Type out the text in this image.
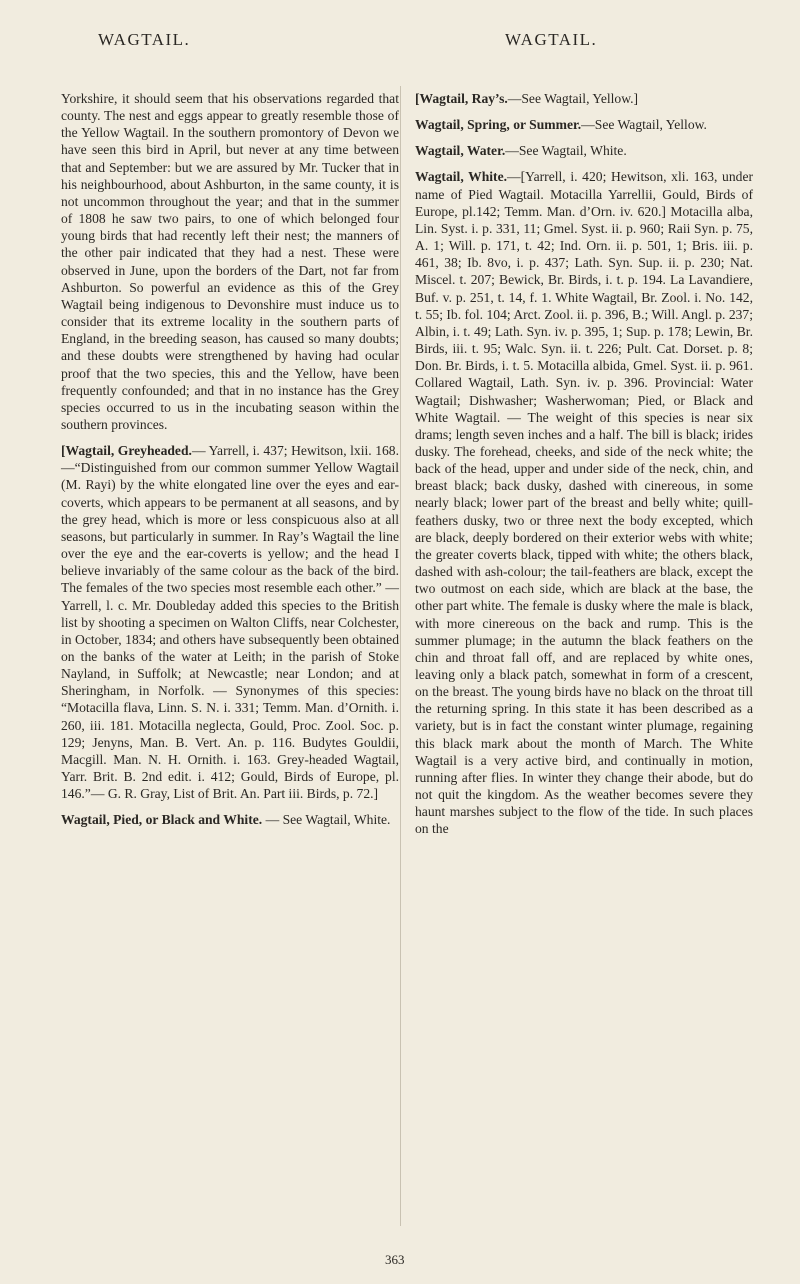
WAGTAIL.	WAGTAIL.

Yorkshire, it should seem that his observations regarded that county. The nest and eggs appear to greatly resemble those of the Yellow Wagtail. In the southern promontory of Devon we have seen this bird in April, but never at any time between that and September: but we are assured by Mr. Tucker that in his neighbourhood, about Ashburton, in the same county, it is not uncommon throughout the year; and that in the summer of 1808 he saw two pairs, to one of which belonged four young birds that had recently left their nest; the manners of the other pair indicated that they had a nest. These were observed in June, upon the borders of the Dart, not far from Ashburton. So powerful an evidence as this of the Grey Wagtail being indigenous to Devonshire must induce us to consider that its extreme locality in the southern parts of England, in the breeding season, has caused so many doubts; and these doubts were strengthened by having had ocular proof that the two species, this and the Yellow, have been frequently confounded; and that in no instance has the Grey species occurred to us in the incubating season within the southern provinces.

[Wagtail, Greyheaded.— Yarrell, i. 437; Hewitson, lxii. 168.—“Distinguished from our common summer Yellow Wagtail (M. Rayi) by the white elongated line over the eyes and ear-coverts, which appears to be permanent at all seasons, and by the grey head, which is more or less conspicuous also at all seasons, but particularly in summer. In Ray’s Wagtail the line over the eye and the ear-coverts is yellow; and the head I believe invariably of the same colour as the back of the bird. The females of the two species most resemble each other.” — Yarrell, l. c. Mr. Doubleday added this species to the British list by shooting a specimen on Walton Cliffs, near Colchester, in October, 1834; and others have subsequently been obtained on the banks of the water at Leith; in the parish of Stoke Nayland, in Suffolk; at Newcastle; near London; and at Sheringham, in Norfolk. — Synonymes of this species: “Motacilla flava, Linn. S. N. i. 331; Temm. Man. d’Ornith. i. 260, iii. 181. Motacilla neglecta, Gould, Proc. Zool. Soc. p. 129; Jenyns, Man. B. Vert. An. p. 116. Budytes Gouldii, Macgill. Man. N. H. Ornith. i. 163. Grey-headed Wagtail, Yarr. Brit. B. 2nd edit. i. 412; Gould, Birds of Europe, pl. 146.”— G. R. Gray, List of Brit. An. Part iii. Birds, p. 72.]

Wagtail, Pied, or Black and White. — See Wagtail, White.

[Wagtail, Ray’s.—See Wagtail, Yellow.]

Wagtail, Spring, or Summer.—See Wagtail, Yellow.

Wagtail, Water.—See Wagtail, White.

Wagtail, White.—[Yarrell, i. 420; Hewitson, xli. 163, under name of Pied Wagtail. Motacilla Yarrellii, Gould, Birds of Europe, pl.142; Temm. Man. d’Orn. iv. 620.] Motacilla alba, Lin. Syst. i. p. 331, 11; Gmel. Syst. ii. p. 960; Raii Syn. p. 75, A. 1; Will. p. 171, t. 42; Ind. Orn. ii. p. 501, 1; Bris. iii. p. 461, 38; Ib. 8vo, i. p. 437; Lath. Syn. Sup. ii. p. 230; Nat. Miscel. t. 207; Bewick, Br. Birds, i. t. p. 194. La Lavandiere, Buf. v. p. 251, t. 14, f. 1. White Wagtail, Br. Zool. i. No. 142, t. 55; Ib. fol. 104; Arct. Zool. ii. p. 396, B.; Will. Angl. p. 237; Albin, i. t. 49; Lath. Syn. iv. p. 395, 1; Sup. p. 178; Lewin, Br. Birds, iii. t. 95; Walc. Syn. ii. t. 226; Pult. Cat. Dorset. p. 8; Don. Br. Birds, i. t. 5. Motacilla albida, Gmel. Syst. ii. p. 961. Collared Wagtail, Lath. Syn. iv. p. 396. Provincial: Water Wagtail; Dishwasher; Washerwoman; Pied, or Black and White Wagtail. — The weight of this species is near six drams; length seven inches and a half. The bill is black; irides dusky. The forehead, cheeks, and side of the neck white; the back of the head, upper and under side of the neck, chin, and breast black; back dusky, dashed with cinereous, in some nearly black; lower part of the breast and belly white; quill-feathers dusky, two or three next the body excepted, which are black, deeply bordered on their exterior webs with white; the greater coverts black, tipped with white; the others black, dashed with ash-colour; the tail-feathers are black, except the two outmost on each side, which are black at the base, the other part white. The female is dusky where the male is black, with more cinereous on the back and rump. This is the summer plumage; in the autumn the black feathers on the chin and throat fall off, and are replaced by white ones, leaving only a black patch, somewhat in form of a crescent, on the breast. The young birds have no black on the throat till the returning spring. In this state it has been described as a variety, but is in fact the constant winter plumage, regaining this black mark about the month of March. The White Wagtail is a very active bird, and continually in motion, running after flies. In winter they change their abode, but do not quit the kingdom. As the weather becomes severe they haunt marshes subject to the flow of the tide. In such places on the

363
